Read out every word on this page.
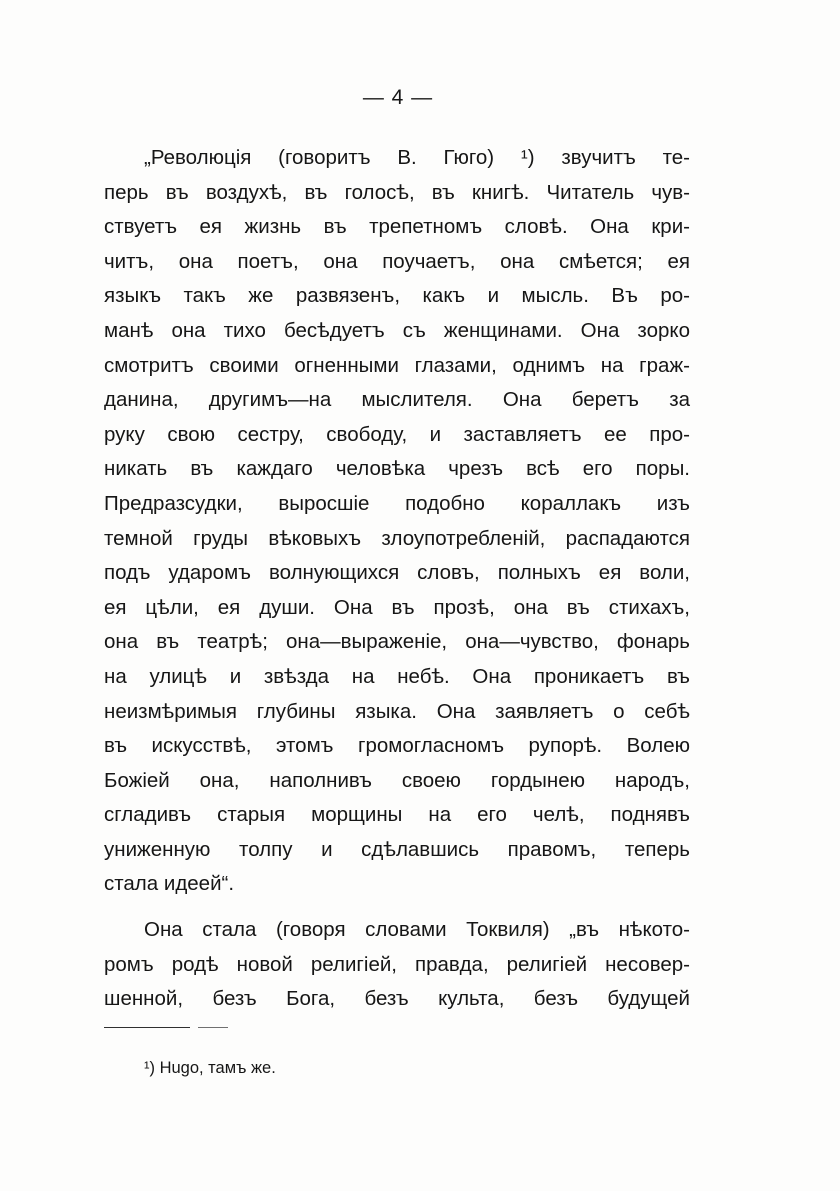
— 4 —
„Революція (говоритъ В. Гюго) ¹) звучитъ те-
перь въ воздухѣ, въ голосѣ, въ книгѣ. Читатель чув-
ствуетъ ея жизнь въ трепетномъ словѣ. Она кри-
читъ, она поетъ, она поучаетъ, она смѣется; ея
языкъ такъ же развязенъ, какъ и мысль. Въ ро-
манѣ она тихо бесѣдуетъ съ женщинами. Она зорко
смотритъ своими огненными глазами, однимъ на граж-
данина, другимъ—на мыслителя. Она беретъ за
руку свою сестру, свободу, и заставляетъ ее про-
никать въ каждаго человѣка чрезъ всѣ его поры.
Предразсудки, выросшіе подобно кораллакъ изъ
темной груды вѣковыхъ злоупотребленій, распадаются
подъ ударомъ волнующихся словъ, полныхъ ея воли,
ея цѣли, ея души. Она въ прозѣ, она въ стихахъ,
она въ театрѣ; она—выраженіе, она—чувство, фонарь
на улицѣ и звѣзда на небѣ. Она проникаетъ въ
неизмѣримыя глубины языка. Она заявляетъ о себѣ
въ искусствѣ, этомъ громогласномъ рупорѣ. Волею
Божіей она, наполнивъ своею гордынею народъ,
сгладивъ старыя морщины на его челѣ, поднявъ
униженную толпу и сдѣлавшись правомъ, теперь
стала идеей“.
Она стала (говоря словами Токвиля) „въ нѣкото-
ромъ родѣ новой религіей, правда, религіей несовер-
шенной, безъ Бога, безъ культа, безъ будущей
¹) Hugo, тамъ же.
